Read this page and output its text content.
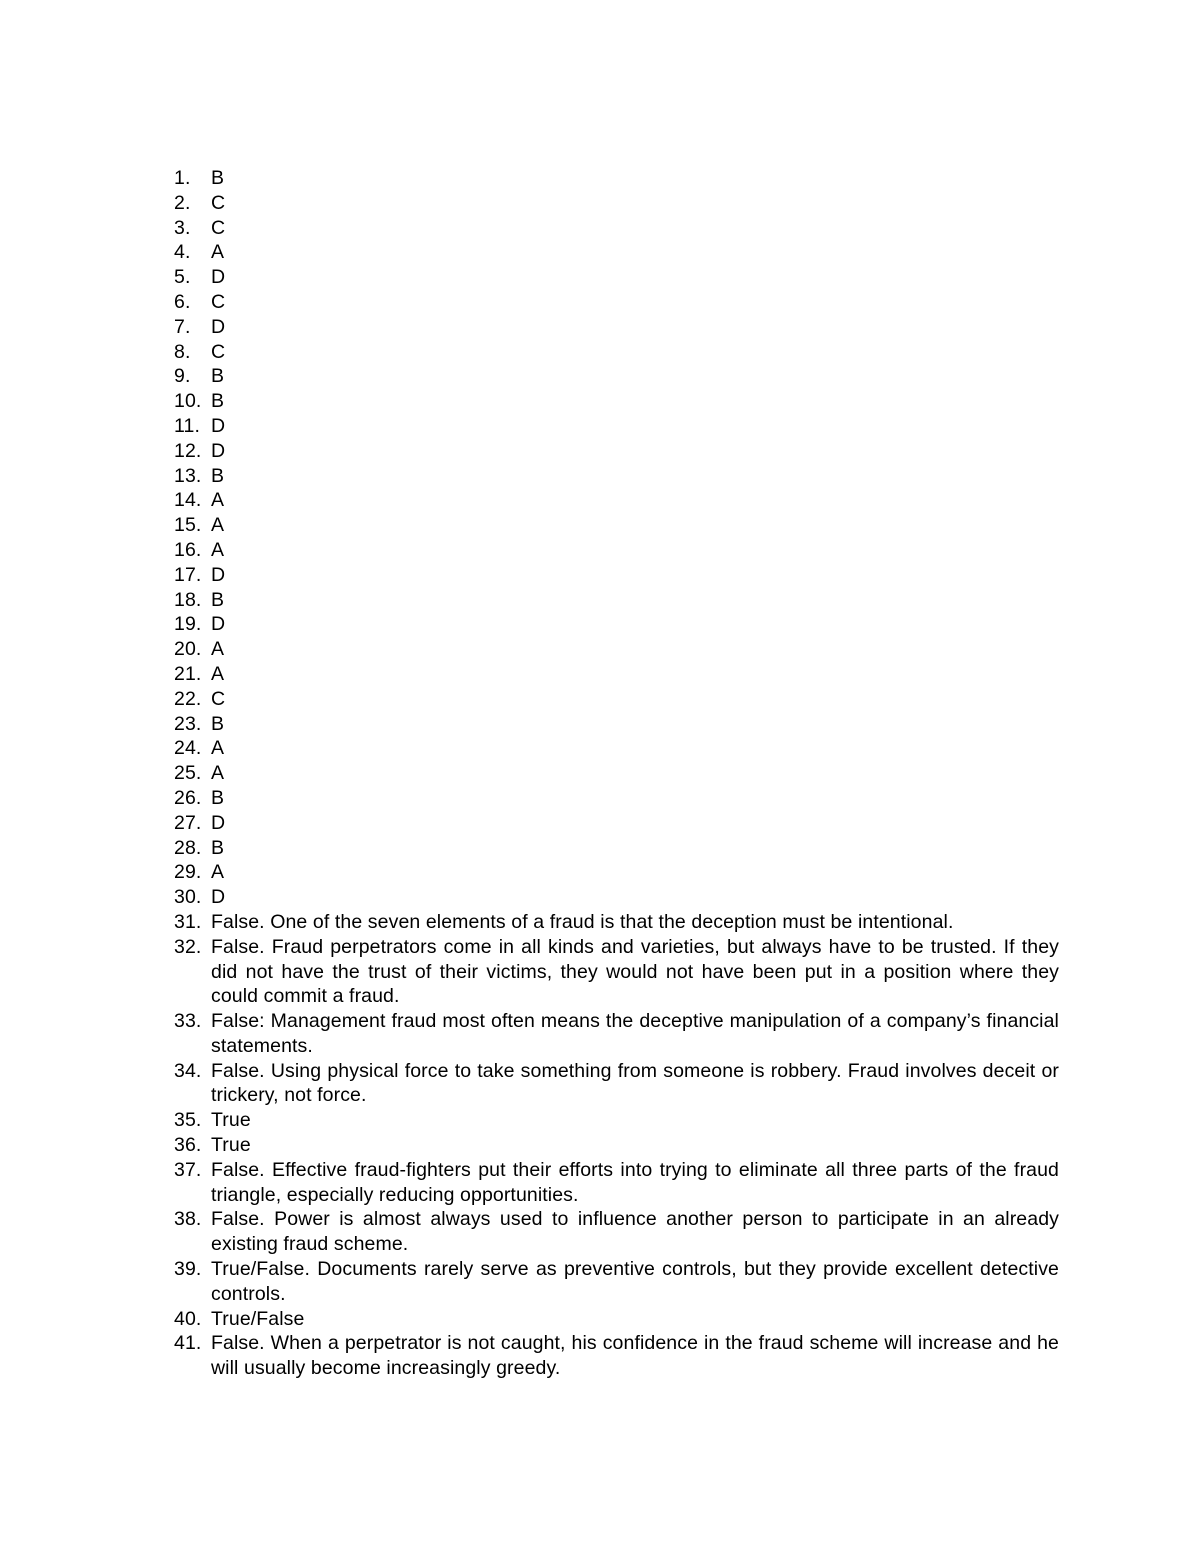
1.	B
2.	C
3.	C
4.	A
5.	D
6.	C
7.	D
8.	C
9.	B
10. B
11. D
12. D
13. B
14. A
15. A
16. A
17. D
18. B
19. D
20. A
21. A
22. C
23. B
24. A
25. A
26. B
27. D
28. B
29. A
30. D
31. False. One of the seven elements of a fraud is that the deception must be intentional.
32. False. Fraud perpetrators come in all kinds and varieties, but always have to be trusted. If they did not have the trust of their victims, they would not have been put in a position where they could commit a fraud.
33. False: Management fraud most often means the deceptive manipulation of a company’s financial statements.
34. False. Using physical force to take something from someone is robbery. Fraud involves deceit or trickery, not force.
35. True
36. True
37. False. Effective fraud-fighters put their efforts into trying to eliminate all three parts of the fraud triangle, especially reducing opportunities.
38. False. Power is almost always used to influence another person to participate in an already existing fraud scheme.
39. True/False. Documents rarely serve as preventive controls, but they provide excellent detective controls.
40. True/False
41. False. When a perpetrator is not caught, his confidence in the fraud scheme will increase and he will usually become increasingly greedy.
